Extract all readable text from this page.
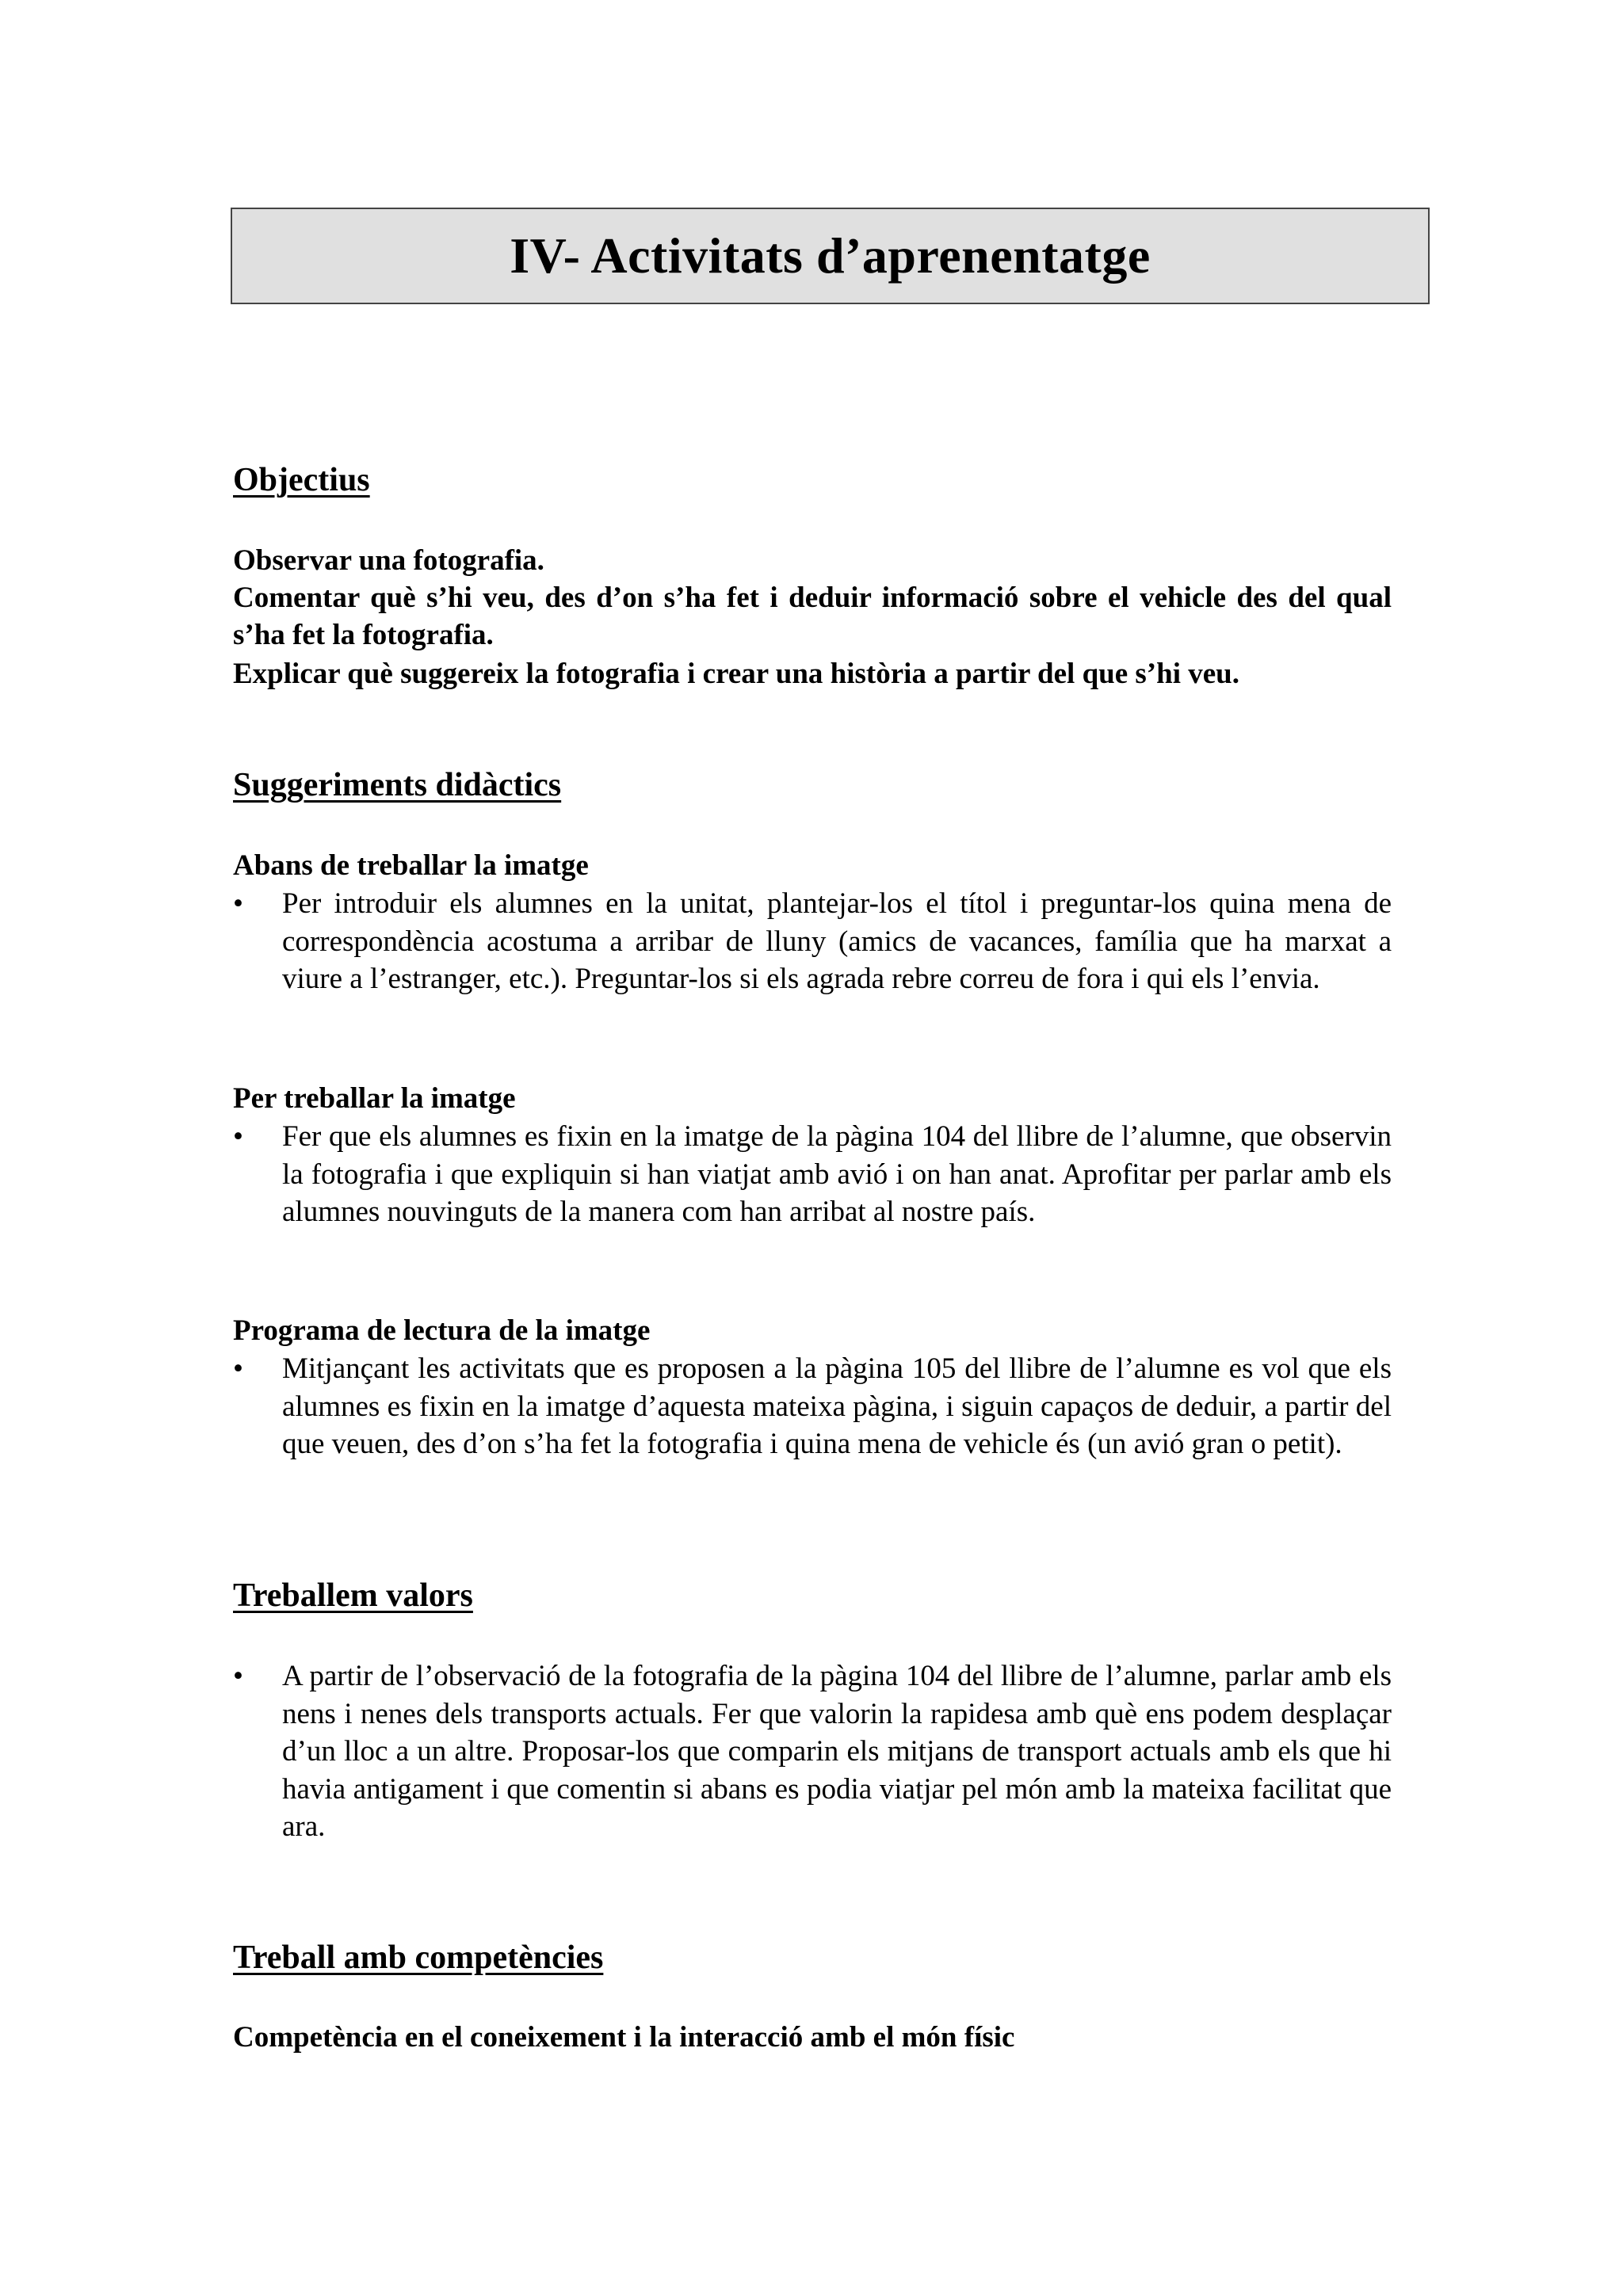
IV- Activitats d’aprenentatge
Objectius
Observar una fotografia.
Comentar què s’hi veu, des d’on s’ha fet i deduir informació sobre el vehicle des del qual s’ha fet la fotografia.
Explicar què suggereix la fotografia i crear una història a partir del que s’hi veu.
Suggeriments didàctics
Abans de treballar la imatge
•	Per introduir els alumnes en la unitat, plantejar-los el títol i preguntar-los quina mena de correspondència acostuma a arribar de lluny (amics de vacances, família que ha marxat a viure a l’estranger, etc.). Preguntar-los si els agrada rebre correu de fora i qui els l’envia.
Per treballar la imatge
•	Fer que els alumnes es fixin en la imatge de la pàgina 104 del llibre de l’alumne, que observin la fotografia i que expliquin si han viatjat amb avió i on han anat. Aprofitar per parlar amb els alumnes nouvinguts de la manera com han arribat al nostre país.
Programa de lectura de la imatge
•	Mitjançant les activitats que es proposen a la pàgina 105 del llibre de l’alumne es vol que els alumnes es fixin en la imatge d’aquesta mateixa pàgina, i siguin capaços de deduir, a partir del que veuen, des d’on s’ha fet la fotografia i quina mena de vehicle és (un avió gran o petit).
Treballem valors
•	A partir de l’observació de la fotografia de la pàgina 104 del llibre de l’alumne, parlar amb els nens i nenes dels transports actuals. Fer que valorin la rapidesa amb què ens podem desplaçar d’un lloc a un altre. Proposar-los que comparin els mitjans de transport actuals amb els que hi havia antigament i que comentin si abans es podia viatjar pel món amb la mateixa facilitat que ara.
Treball amb competències
Competència en el coneixement i la interacció amb el món físic
